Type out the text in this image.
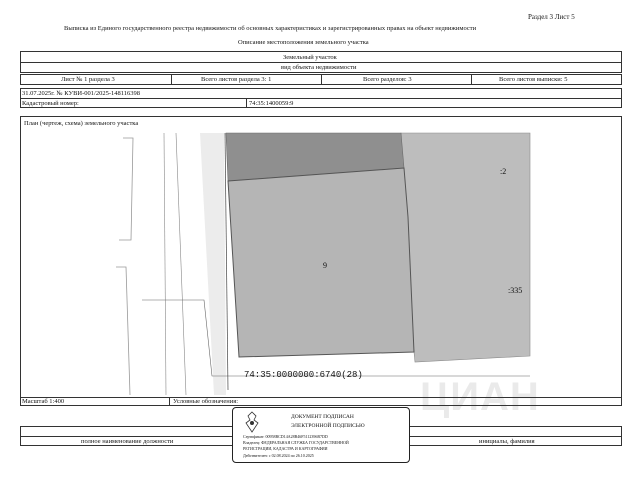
Раздел 3 Лист 5
Выписка из Единого государственного реестра недвижимости об основных характеристиках и зарегистрированных правах на объект недвижимости
Описание местоположения земельного участка
Земельный участок
вид объекта недвижимости
Лист № 1 раздела 3	Всего листов раздела 3: 1	Всего разделов: 3	Всего листов выписки: 5
31.07.2025г. № КУВИ-001/2025-148116398
Кадастровый номер:	74:35:1400059:9
План (чертеж, схема) земельного участка
9
:2
:335
74:35:0000000:6740(28) ЦИАН
Масштаб 1:400	Условные обозначения:
полное наименование должности	инициалы, фамилия
ДОКУМЕНТ ПОДПИСАН
ЭЛЕКТРОННОЙ ПОДПИСЬЮ
Сертификат: 00958BCD14A28B46F5112396B7DD
Владелец: ФЕДЕРАЛЬНАЯ СЛУЖБА ГОСУДАРСТВЕННОЙ
РЕГИСТРАЦИИ, КАДАСТРА И КАРТОГРАФИИ
Действителен: с 02.08.2024 по 26.10.2025
